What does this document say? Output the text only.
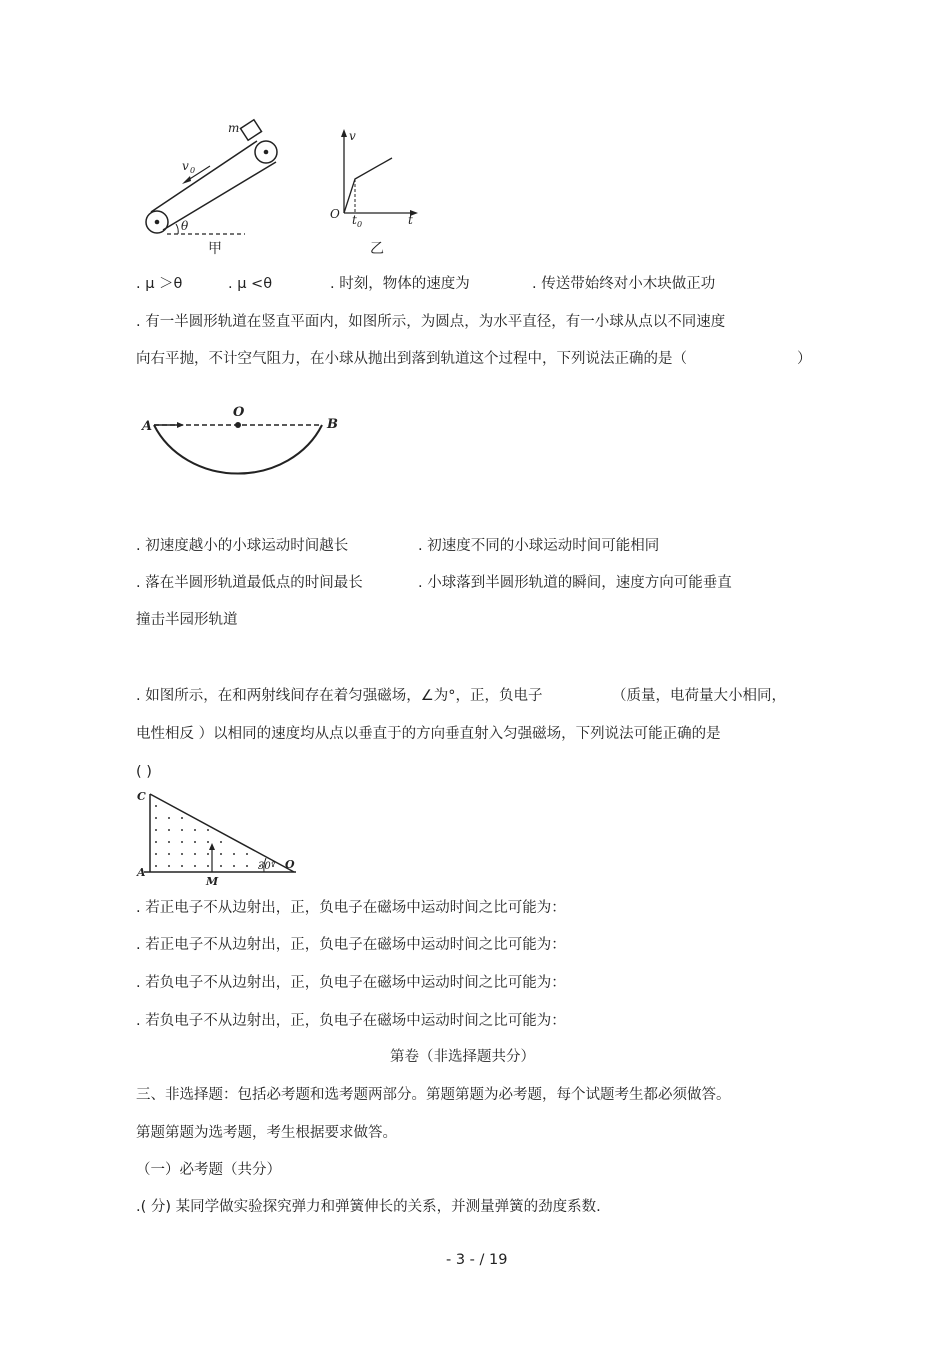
m
v 0
θ
甲
v
O t 0	t
乙
. μ ＞θ	. μ <θ	. 时刻，物体的速度为	. 传送带始终对小木块做正功
. 有一半圆形轨道在竖直平面内，如图所示，为圆点，为水平直径，有一小球从点以不同速度
向右平抛，不计空气阻力，在小球从抛出到落到轨道这个过程中，下列说法正确的是（	）
A
O
B
. 初速度越小的小球运动时间越长	. 初速度不同的小球运动时间可能相同
. 落在半圆形轨道最低点的时间最长	. 小球落到半圆形轨道的瞬间，速度方向可能垂直
撞击半园形轨道
. 如图所示，在和两射线间存在着匀强磁场，∠为°，正，负电子	（质量，电荷量大小相同，
电性相反 ）以相同的速度均从点以垂直于的方向垂直射入匀强磁场，下列说法可能正确的是
( )
C
A
M
O
30°
. 若正电子不从边射出，正，负电子在磁场中运动时间之比可能为：
. 若正电子不从边射出，正，负电子在磁场中运动时间之比可能为：
. 若负电子不从边射出，正，负电子在磁场中运动时间之比可能为：
. 若负电子不从边射出，正，负电子在磁场中运动时间之比可能为：
第卷（非选择题共分）
三、非选择题：包括必考题和选考题两部分。第题第题为必考题，每个试题考生都必须做答。
第题第题为选考题，考生根据要求做答。
（一）必考题（共分）
.( 分) 某同学做实验探究弹力和弹簧伸长的关系，并测量弹簧的劲度系数.
- 3 - / 19
